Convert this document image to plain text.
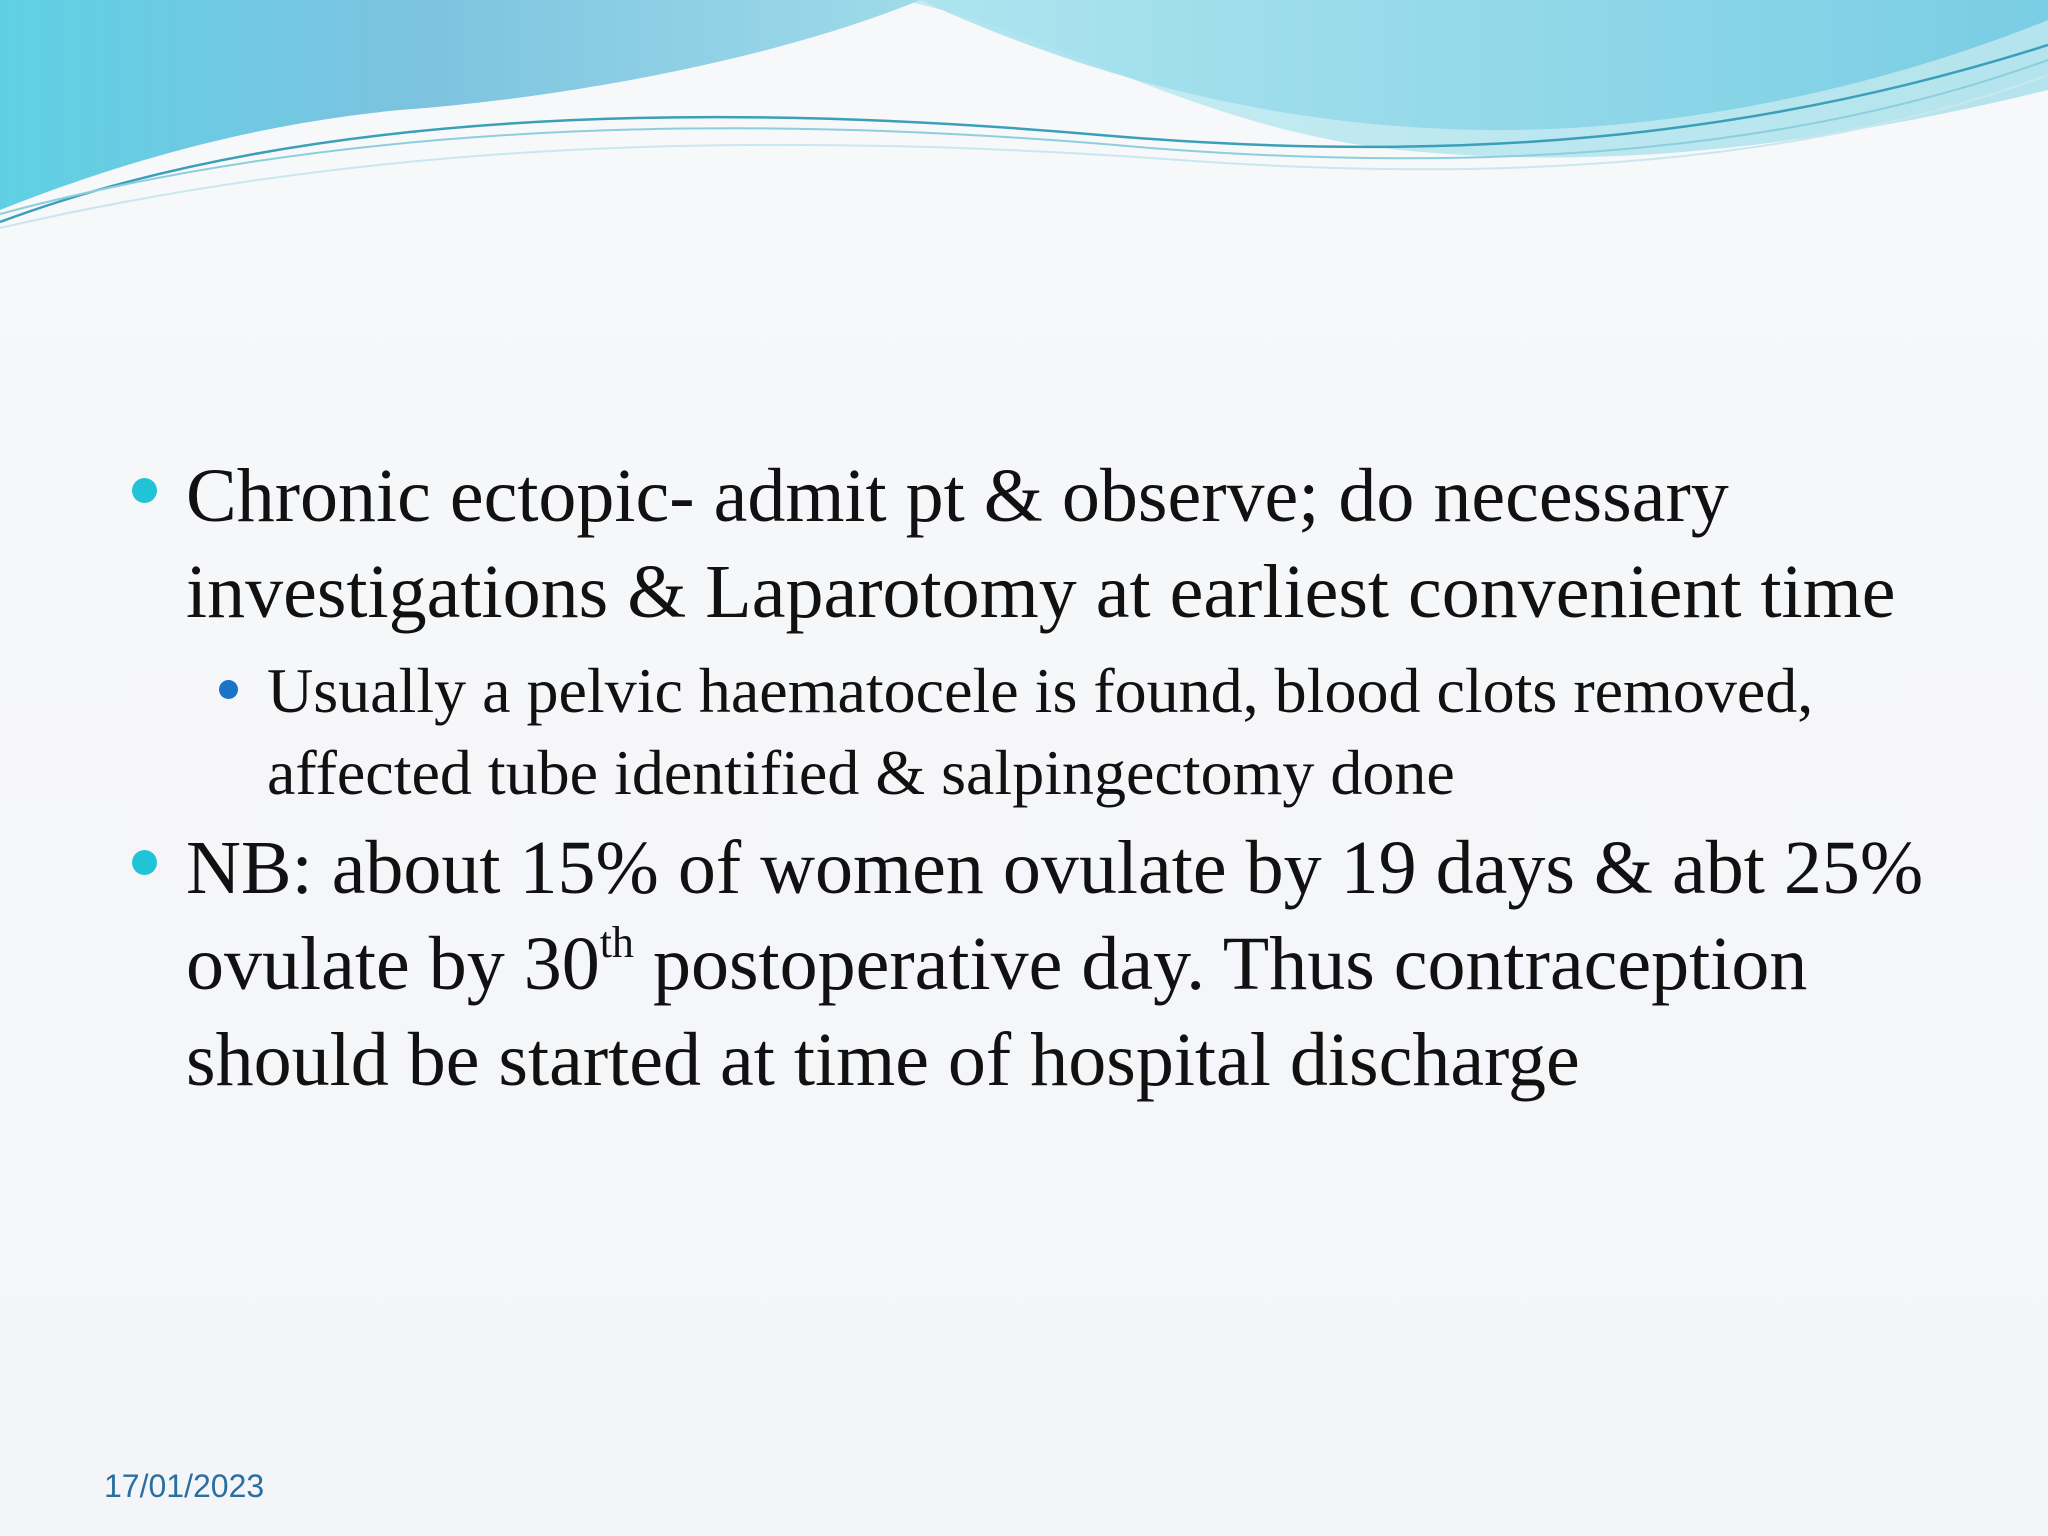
Chronic ectopic- admit pt & observe; do necessary investigations & Laparotomy at earliest convenient time
Usually a pelvic haematocele is found, blood clots removed, affected tube identified & salpingectomy done
NB: about 15% of women ovulate by 19 days & abt 25% ovulate by 30th postoperative day. Thus contraception should be started at time of hospital discharge
17/01/2023
